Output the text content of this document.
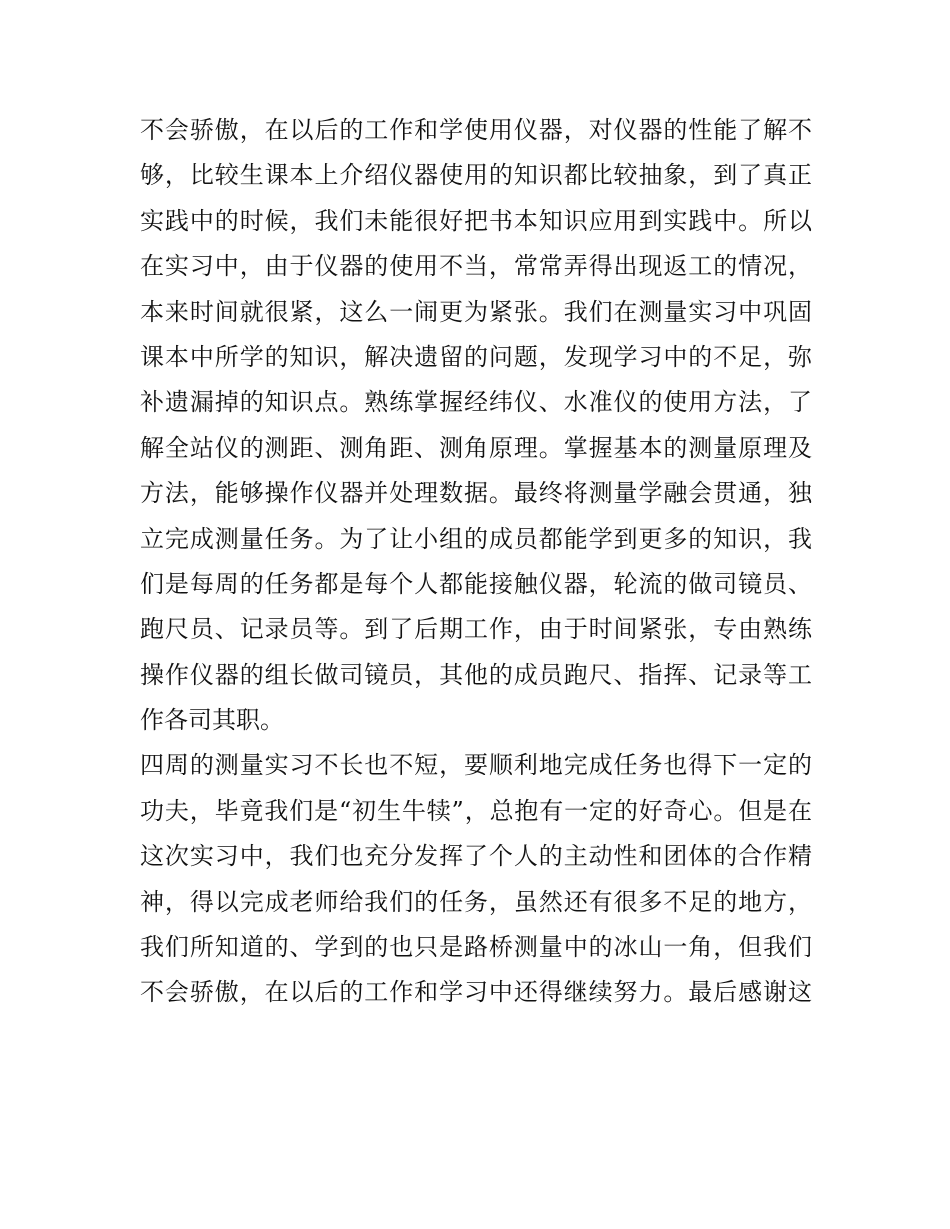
不会骄傲，在以后的工作和学使用仪器，对仪器的性能了解不
够，比较生课本上介绍仪器使用的知识都比较抽象，到了真正
实践中的时候，我们未能很好把书本知识应用到实践中。所以
在实习中，由于仪器的使用不当，常常弄得出现返工的情况，
本来时间就很紧，这么一闹更为紧张。我们在测量实习中巩固
课本中所学的知识，解决遗留的问题，发现学习中的不足，弥
补遗漏掉的知识点。熟练掌握经纬仪、水准仪的使用方法，了
解全站仪的测距、测角距、测角原理。掌握基本的测量原理及
方法，能够操作仪器并处理数据。最终将测量学融会贯通，独
立完成测量任务。为了让小组的成员都能学到更多的知识，我
们是每周的任务都是每个人都能接触仪器，轮流的做司镜员、
跑尺员、记录员等。到了后期工作，由于时间紧张，专由熟练
操作仪器的组长做司镜员，其他的成员跑尺、指挥、记录等工
作各司其职。
四周的测量实习不长也不短，要顺利地完成任务也得下一定的
功夫，毕竟我们是“初生牛犊”，总抱有一定的好奇心。但是在
这次实习中，我们也充分发挥了个人的主动性和团体的合作精
神，得以完成老师给我们的任务，虽然还有很多不足的地方，
我们所知道的、学到的也只是路桥测量中的冰山一角，但我们
不会骄傲，在以后的工作和学习中还得继续努力。最后感谢这
